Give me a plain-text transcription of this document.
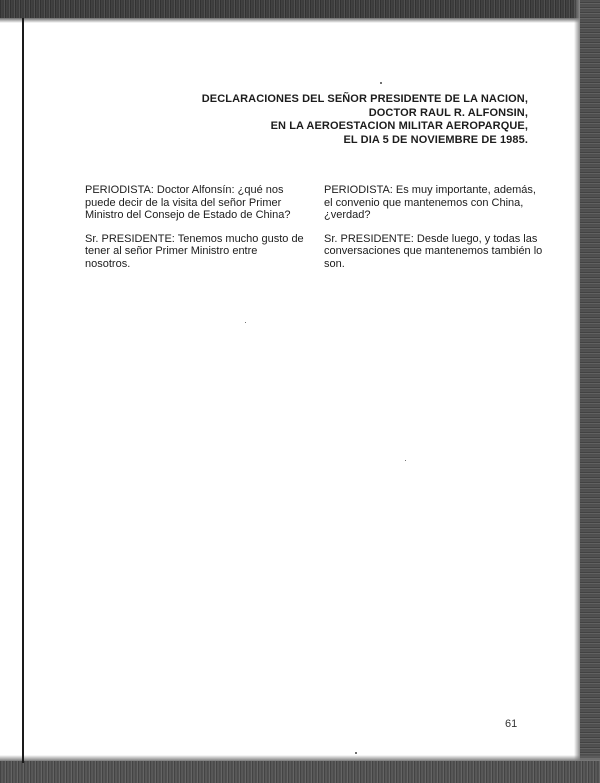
DECLARACIONES DEL SEÑOR PRESIDENTE DE LA NACION,
DOCTOR RAUL R. ALFONSIN,
EN LA AEROESTACION MILITAR AEROPARQUE,
EL DIA 5 DE NOVIEMBRE DE 1985.

PERIODISTA: Doctor Alfonsín: ¿qué nos puede decir de la visita del señor Primer Ministro del Consejo de Estado de China?

Sr. PRESIDENTE: Tenemos mucho gusto de tener al señor Primer Ministro entre nosotros.

PERIODISTA: Es muy importante, además, el convenio que mantenemos con China, ¿verdad?

Sr. PRESIDENTE: Desde luego, y todas las conversaciones que mantenemos también lo son.

61
